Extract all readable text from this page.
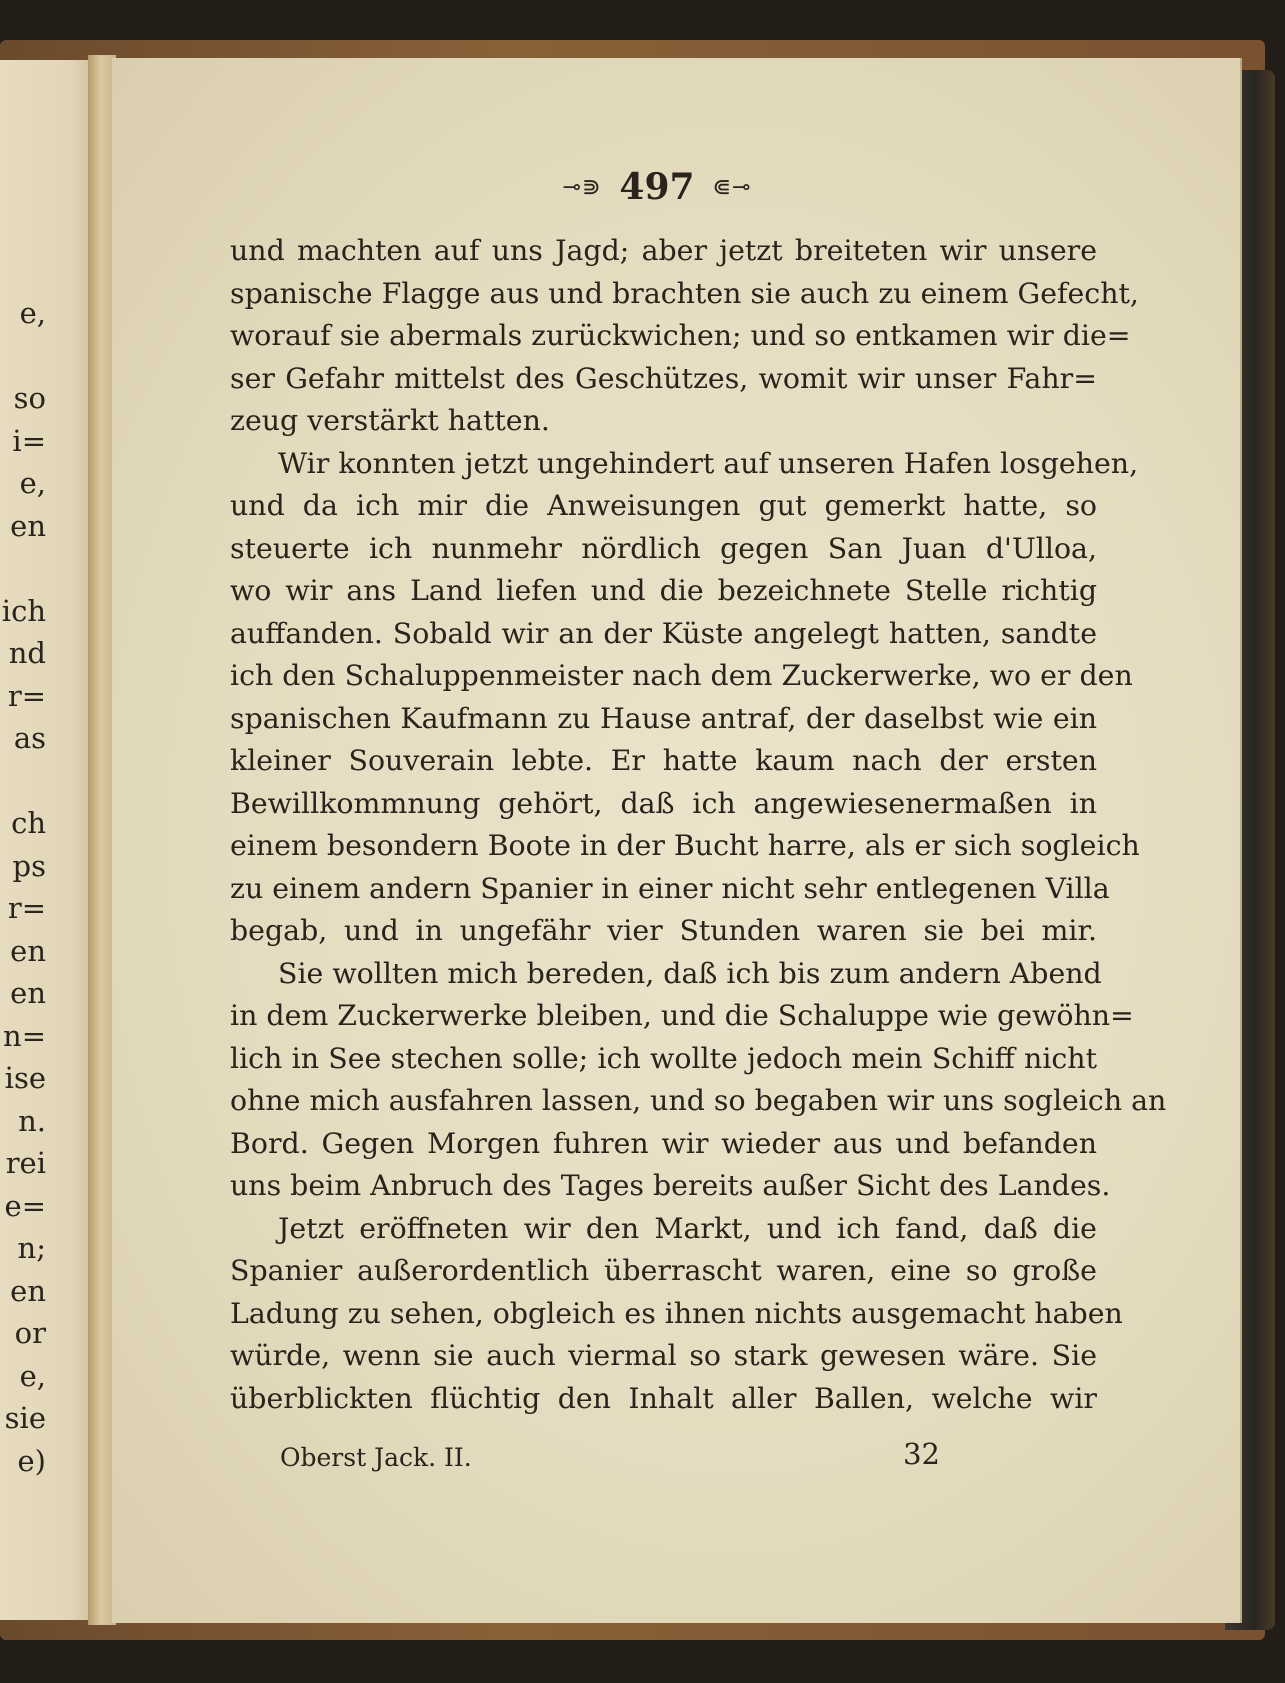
e,
so
i=
e,
en
ich
nd
r=
as
ch
ps
r=
en
en
n=
ise
n.
rei
e=
n;
en
or
e,
sie
e)
⊸⋑ 497 ⋐⊸
und machten auf uns Jagd; aber jetzt breiteten wir unsere
spanische Flagge aus und brachten sie auch zu einem Gefecht,
worauf sie abermals zurückwichen; und so entkamen wir die=
ser Gefahr mittelst des Geschützes, womit wir unser Fahr=
zeug verstärkt hatten.
Wir konnten jetzt ungehindert auf unseren Hafen losgehen,
und da ich mir die Anweisungen gut gemerkt hatte, so
steuerte ich nunmehr nördlich gegen San Juan d'Ulloa,
wo wir ans Land liefen und die bezeichnete Stelle richtig
auffanden. Sobald wir an der Küste angelegt hatten, sandte
ich den Schaluppenmeister nach dem Zuckerwerke, wo er den
spanischen Kaufmann zu Hause antraf, der daselbst wie ein
kleiner Souverain lebte. Er hatte kaum nach der ersten
Bewillkommnung gehört, daß ich angewiesenermaßen in
einem besondern Boote in der Bucht harre, als er sich sogleich
zu einem andern Spanier in einer nicht sehr entlegenen Villa
begab, und in ungefähr vier Stunden waren sie bei mir.
Sie wollten mich bereden, daß ich bis zum andern Abend
in dem Zuckerwerke bleiben, und die Schaluppe wie gewöhn=
lich in See stechen solle; ich wollte jedoch mein Schiff nicht
ohne mich ausfahren lassen, und so begaben wir uns sogleich an
Bord. Gegen Morgen fuhren wir wieder aus und befanden
uns beim Anbruch des Tages bereits außer Sicht des Landes.
Jetzt eröffneten wir den Markt, und ich fand, daß die
Spanier außerordentlich überrascht waren, eine so große
Ladung zu sehen, obgleich es ihnen nichts ausgemacht haben
würde, wenn sie auch viermal so stark gewesen wäre. Sie
überblickten flüchtig den Inhalt aller Ballen, welche wir
Oberst Jack. II.	32
